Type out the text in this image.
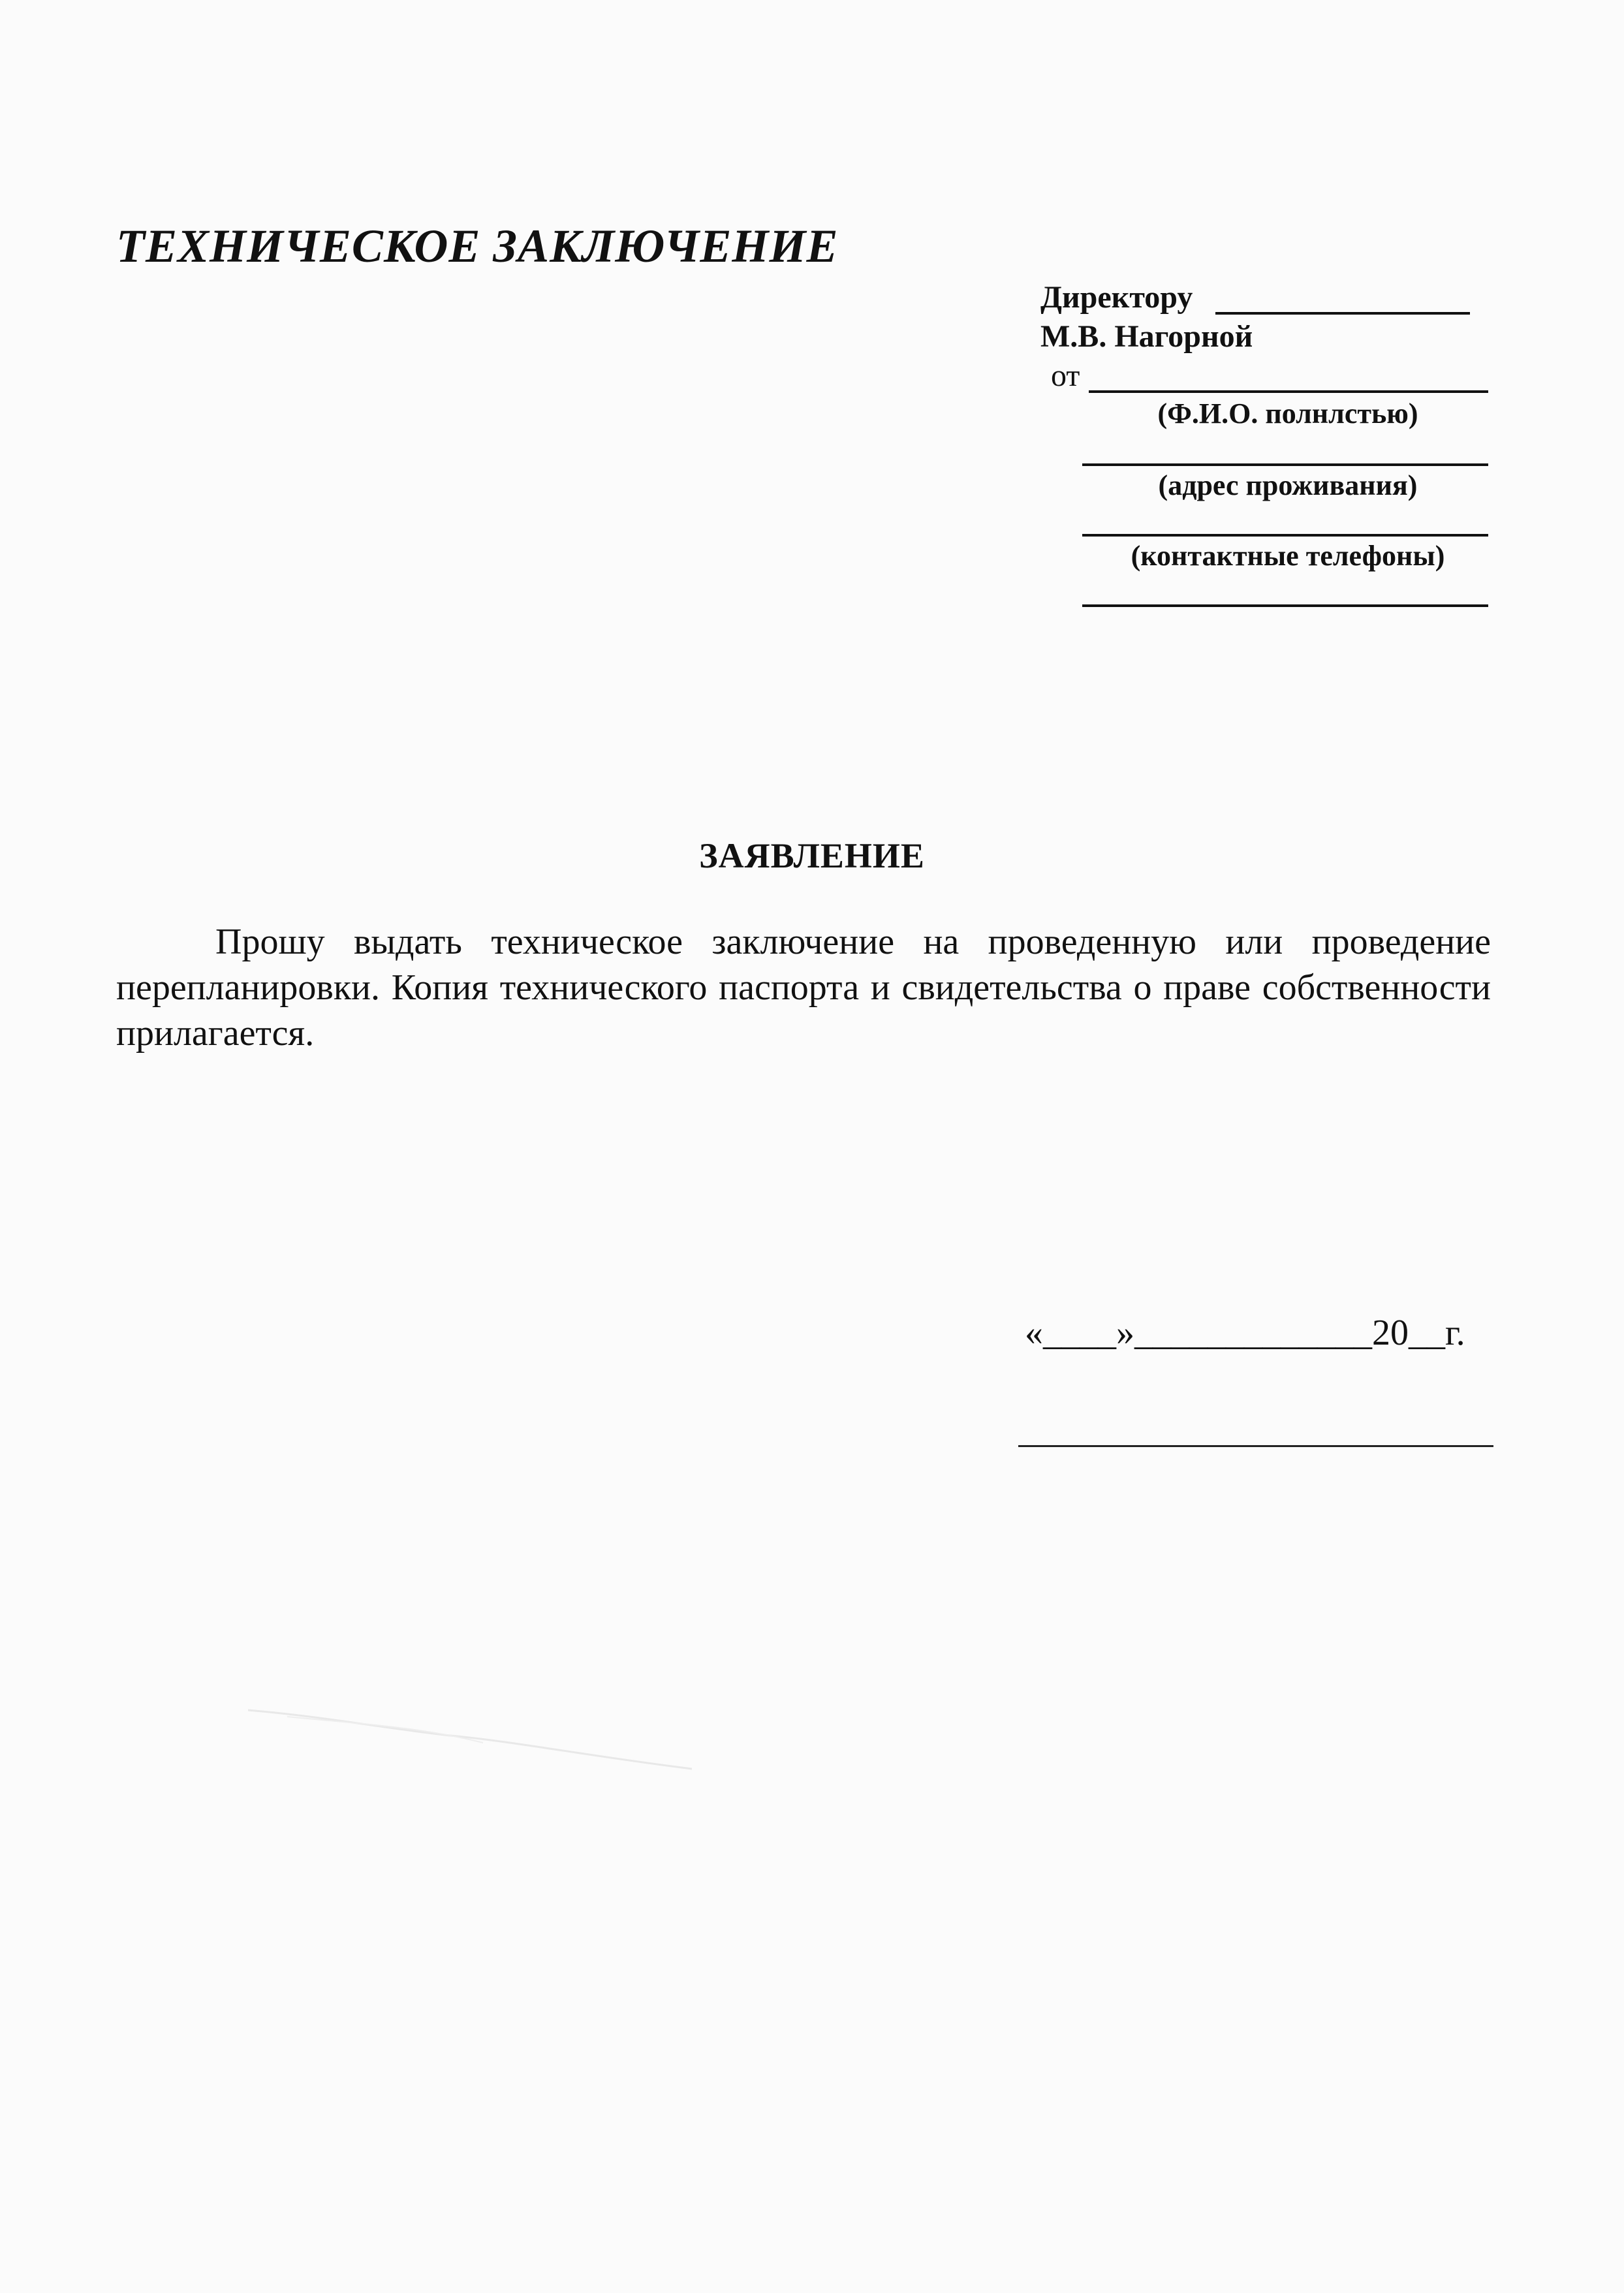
ТЕХНИЧЕСКОЕ ЗАКЛЮЧЕНИЕ
Директору
М.В. Нагорной
от
(Ф.И.О. полнлстью)
(адрес проживания)
(контактные телефоны)
ЗАЯВЛЕНИЕ
Прошу выдать техническое заключение на проведенную или проведение перепланировки. Копия технического паспорта и свидетельства о праве собственности прилагается.
«____»_____________20__г.
